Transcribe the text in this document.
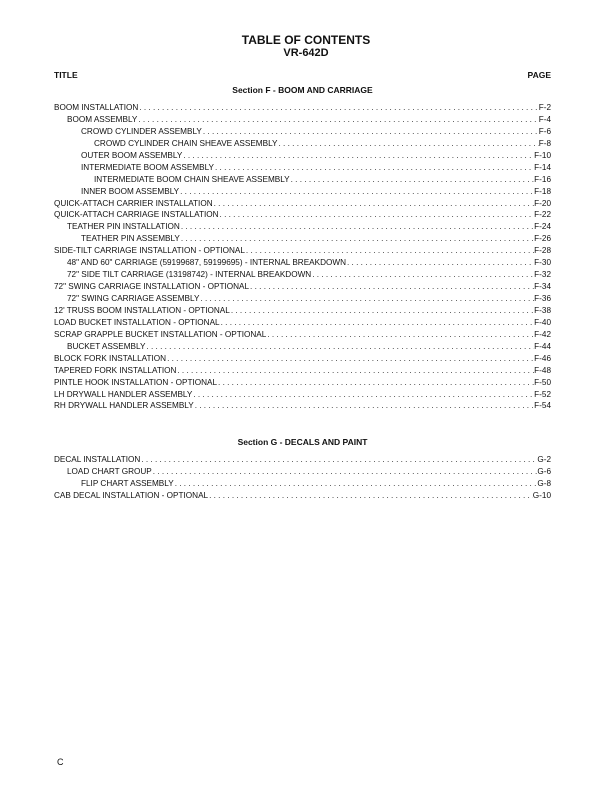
TABLE OF CONTENTS
VR-642D
TITLE	PAGE
Section F - BOOM AND CARRIAGE
BOOM INSTALLATION . . .	F-2
BOOM ASSEMBLY . . .	F-4
CROWD CYLINDER ASSEMBLY . . .	F-6
CROWD CYLINDER CHAIN SHEAVE ASSEMBLY . . .	F-8
OUTER BOOM ASSEMBLY . . .	F-10
INTERMEDIATE BOOM ASSEMBLY . . .	F-14
INTERMEDIATE BOOM CHAIN SHEAVE ASSEMBLY . . .	F-16
INNER BOOM ASSEMBLY . . .	F-18
QUICK-ATTACH CARRIER INSTALLATION . . .	F-20
QUICK-ATTACH CARRIAGE INSTALLATION . . .	F-22
TEATHER PIN INSTALLATION . . .	F-24
TEATHER PIN ASSEMBLY . . .	F-26
SIDE-TILT CARRIAGE INSTALLATION - OPTIONAL . . .	F-28
48" AND 60" CARRIAGE (59199687, 59199695) - INTERNAL BREAKDOWN . . .	F-30
72" SIDE TILT CARRIAGE (13198742) - INTERNAL BREAKDOWN . . .	F-32
72" SWING CARRIAGE INSTALLATION - OPTIONAL . . .	F-34
72" SWING CARRIAGE ASSEMBLY . . .	F-36
12' TRUSS BOOM INSTALLATION - OPTIONAL . . .	F-38
LOAD BUCKET INSTALLATION - OPTIONAL . . .	F-40
SCRAP GRAPPLE BUCKET INSTALLATION - OPTIONAL . . .	F-42
BUCKET ASSEMBLY . . .	F-44
BLOCK FORK INSTALLATION . . .	F-46
TAPERED FORK INSTALLATION . . .	F-48
PINTLE HOOK INSTALLATION - OPTIONAL . . .	F-50
LH DRYWALL HANDLER ASSEMBLY . . .	F-52
RH DRYWALL HANDLER ASSEMBLY . . .	F-54
Section G - DECALS AND PAINT
DECAL INSTALLATION . . .	G-2
LOAD CHART GROUP . . .	G-6
FLIP CHART ASSEMBLY . . .	G-8
CAB DECAL INSTALLATION - OPTIONAL . . .	G-10
C
